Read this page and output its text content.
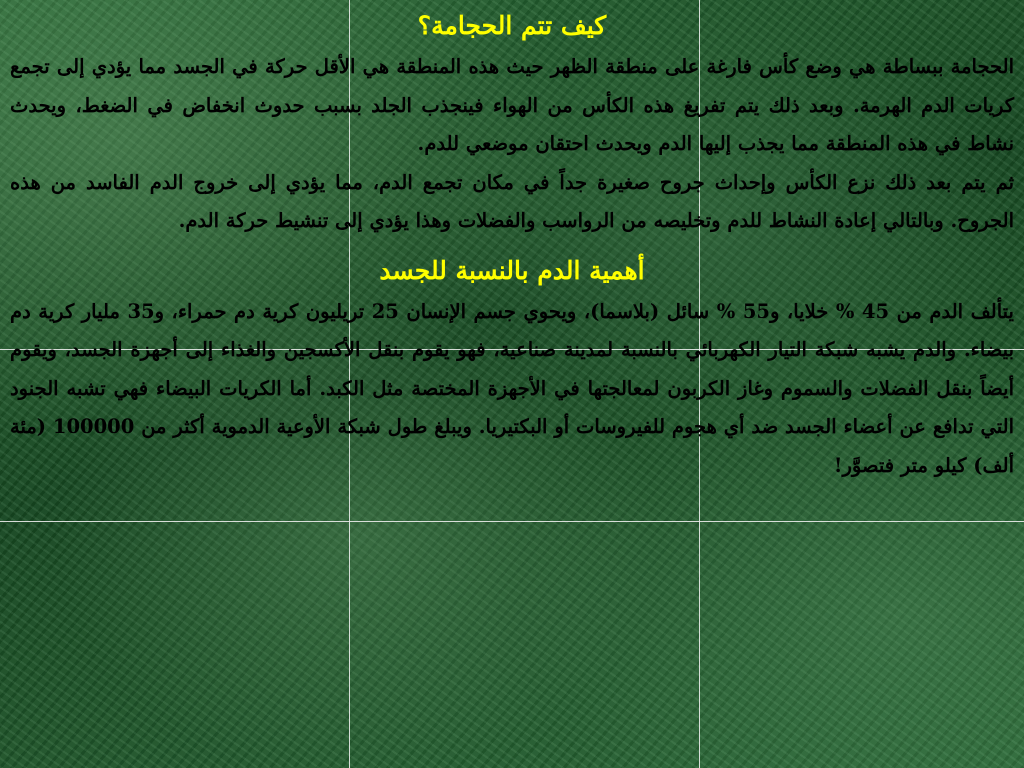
كيف تتم الحجامة؟

الحجامة ببساطة هي وضع كأس فارغة على منطقة الظهر حيث هذه المنطقة هي الأقل حركة في الجسد مما يؤدي إلى تجمع كريات الدم الهرمة. وبعد ذلك يتم تفريغ هذه الكأس من الهواء فينجذب الجلد بسبب حدوث انخفاض في الضغط، ويحدث نشاط في هذه المنطقة مما يجذب إليها الدم ويحدث احتقان موضعي للدم.

ثم يتم بعد ذلك نزع الكأس وإحداث جروح صغيرة جداً في مكان تجمع الدم، مما يؤدي إلى خروج الدم الفاسد من هذه الجروح. وبالتالي إعادة النشاط للدم وتخليصه من الرواسب والفضلات وهذا يؤدي إلى تنشيط حركة الدم.

أهمية الدم بالنسبة للجسد

يتألف الدم من 45 % خلايا، و55 % سائل (بلاسما)، ويحوي جسم الإنسان 25 تريليون كرية دم حمراء، و35 مليار كرية دم بيضاء. والدم يشبه شبكة التيار الكهربائي بالنسبة لمدينة صناعية، فهو يقوم بنقل الأكسجين والغذاء إلى أجهزة الجسد، ويقوم أيضاً بنقل الفضلات والسموم وغاز الكربون لمعالجتها في الأجهزة المختصة مثل الكبد. أما الكريات البيضاء فهي تشبه الجنود التي تدافع عن أعضاء الجسد ضد أي هجوم للفيروسات أو البكتيريا. ويبلغ طول شبكة الأوعية الدموية أكثر من 100000 (مئة ألف) كيلو متر فتصوَّر!
